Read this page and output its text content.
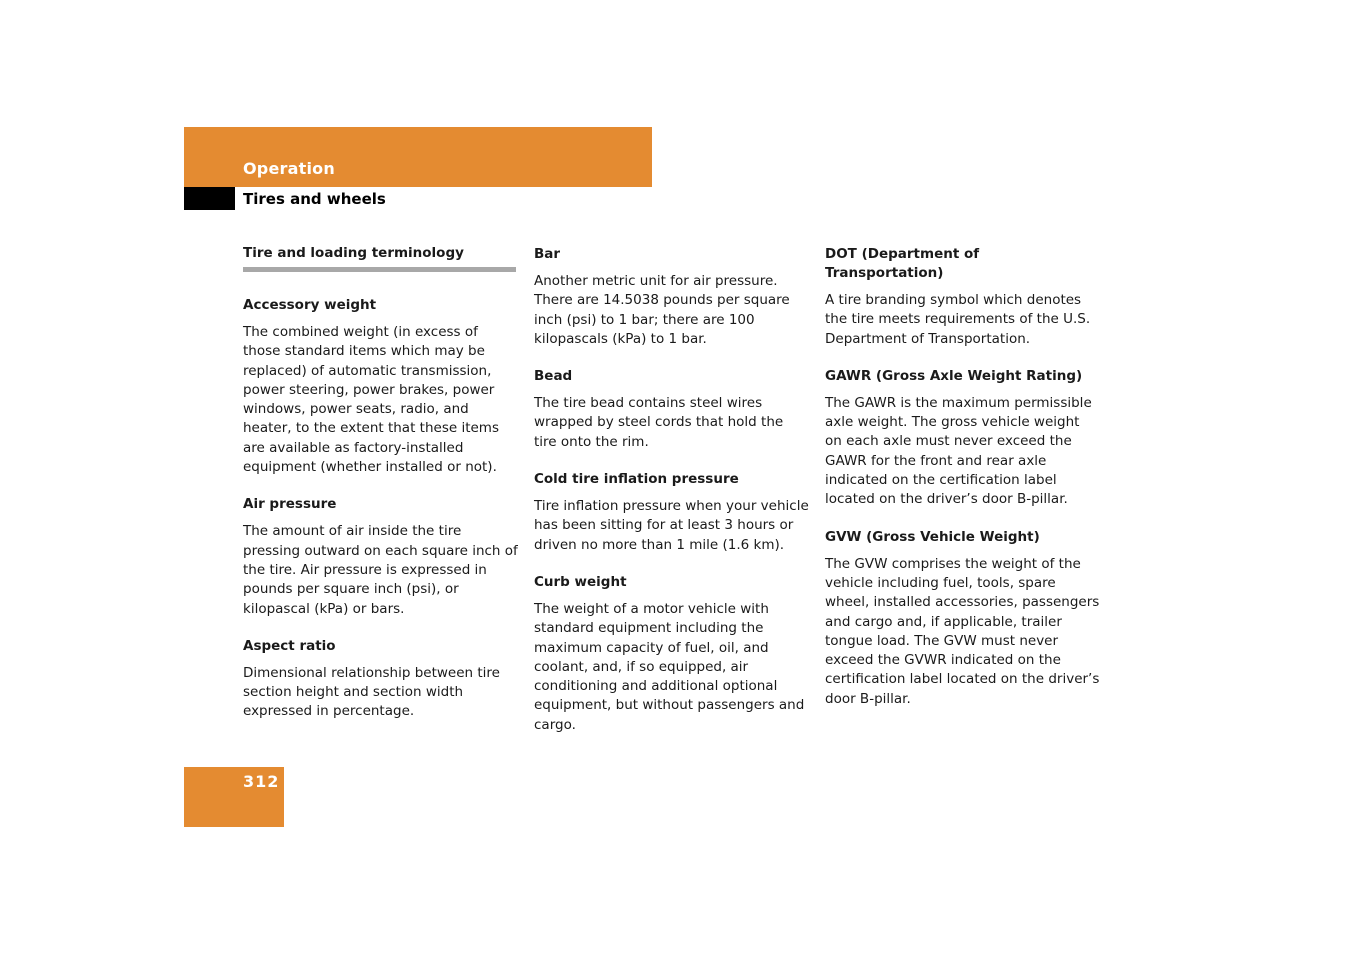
Operation
Tires and wheels
Tire and loading terminology

Accessory weight

The combined weight (in excess of those standard items which may be replaced) of automatic transmission, power steering, power brakes, power windows, power seats, radio, and heater, to the extent that these items are available as factory-installed equipment (whether installed or not).

Air pressure

The amount of air inside the tire pressing outward on each square inch of the tire. Air pressure is expressed in pounds per square inch (psi), or kilopascal (kPa) or bars.

Aspect ratio

Dimensional relationship between tire section height and section width expressed in percentage.

Bar

Another metric unit for air pressure. There are 14.5038 pounds per square inch (psi) to 1 bar; there are 100 kilopascals (kPa) to 1 bar.

Bead

The tire bead contains steel wires wrapped by steel cords that hold the tire onto the rim.

Cold tire inflation pressure

Tire inflation pressure when your vehicle has been sitting for at least 3 hours or driven no more than 1 mile (1.6 km).

Curb weight

The weight of a motor vehicle with standard equipment including the maximum capacity of fuel, oil, and coolant, and, if so equipped, air conditioning and additional optional equipment, but without passengers and cargo.

DOT (Department of Transportation)

A tire branding symbol which denotes the tire meets requirements of the U.S. Department of Transportation.

GAWR (Gross Axle Weight Rating)

The GAWR is the maximum permissible axle weight. The gross vehicle weight on each axle must never exceed the GAWR for the front and rear axle indicated on the certification label located on the driver’s door B-pillar.

GVW (Gross Vehicle Weight)

The GVW comprises the weight of the vehicle including fuel, tools, spare wheel, installed accessories, passengers and cargo and, if applicable, trailer tongue load. The GVW must never exceed the GVWR indicated on the certification label located on the driver’s door B-pillar.

312
